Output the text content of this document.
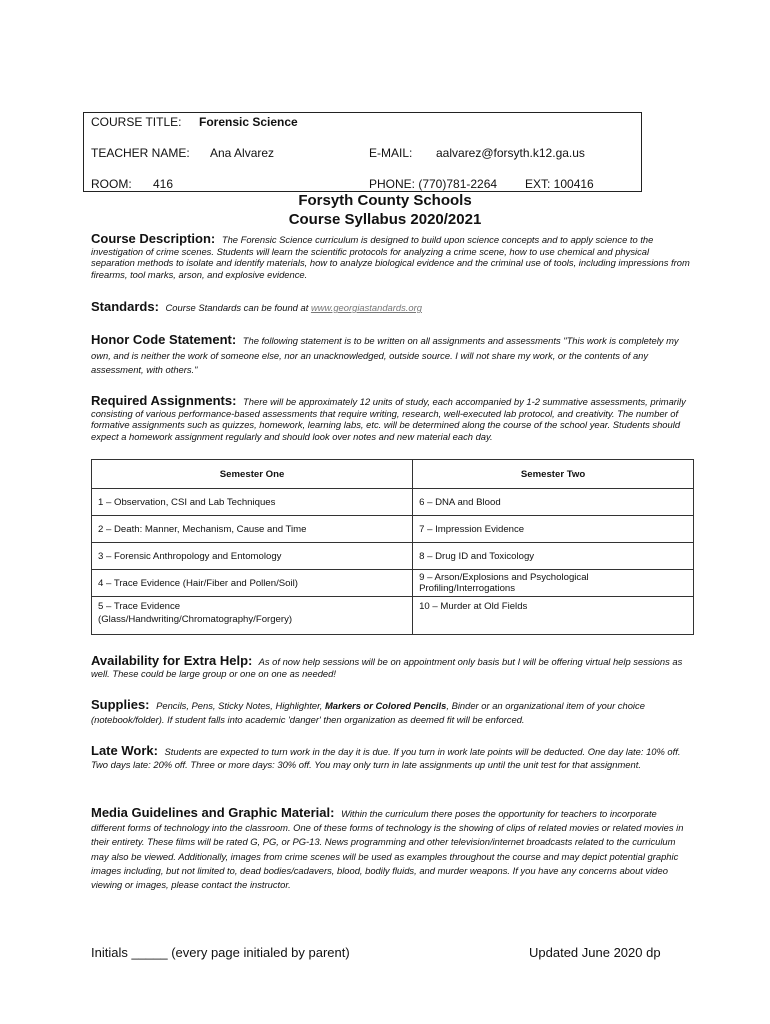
COURSE TITLE: Forensic Science
TEACHER NAME: Ana Alvarez	E-MAIL: aalvarez@forsyth.k12.ga.us
ROOM: 416	PHONE: (770)781-2264 EXT: 100416
Forsyth County Schools
Course Syllabus 2020/2021
Course Description: The Forensic Science curriculum is designed to build upon science concepts and to apply science to the investigation of crime scenes. Students will learn the scientific protocols for analyzing a crime scene, how to use chemical and physical separation methods to isolate and identify materials, how to analyze biological evidence and the criminal use of tools, including impressions from firearms, tool marks, arson, and explosive evidence.
Standards: Course Standards can be found at www.georgiastandards.org
Honor Code Statement: The following statement is to be written on all assignments and assessments "This work is completely my own, and is neither the work of someone else, nor an unacknowledged, outside source. I will not share my work, or the contents of any assessment, with others."
Required Assignments: There will be approximately 12 units of study, each accompanied by 1-2 summative assessments, primarily consisting of various performance-based assessments that require writing, research, well-executed lab protocol, and creativity. The number of formative assignments such as quizzes, homework, learning labs, etc. will be determined along the course of the school year. Students should expect a homework assignment regularly and should look over notes and new material each day.
Semester One	Semester Two
1 – Observation, CSI and Lab Techniques	6 – DNA and Blood
2 – Death: Manner, Mechanism, Cause and Time	7 – Impression Evidence
3 – Forensic Anthropology and Entomology	8 – Drug ID and Toxicology
4 – Trace Evidence (Hair/Fiber and Pollen/Soil)	9 – Arson/Explosions and Psychological Profiling/Interrogations
5 – Trace Evidence (Glass/Handwriting/Chromatography/Forgery)	10 – Murder at Old Fields
Availability for Extra Help: As of now help sessions will be on appointment only basis but I will be offering virtual help sessions as well. These could be large group or one on one as needed!
Supplies: Pencils, Pens, Sticky Notes, Highlighter, Markers or Colored Pencils, Binder or an organizational item of your choice (notebook/folder). If student falls into academic 'danger' then organization as deemed fit will be enforced.
Late Work: Students are expected to turn work in the day it is due. If you turn in work late points will be deducted. One day late: 10% off. Two days late: 20% off. Three or more days: 30% off. You may only turn in late assignments up until the unit test for that assignment.
Media Guidelines and Graphic Material: Within the curriculum there poses the opportunity for teachers to incorporate different forms of technology into the classroom. One of these forms of technology is the showing of clips of related movies or related movies in their entirety. These films will be rated G, PG, or PG-13. News programming and other television/internet broadcasts related to the curriculum may also be viewed. Additionally, images from crime scenes will be used as examples throughout the course and may depict potential graphic images including, but not limited to, dead bodies/cadavers, blood, bodily fluids, and murder weapons. If you have any concerns about video viewing or images, please contact the instructor.
Initials _____ (every page initialed by parent)	Updated June 2020 dp
